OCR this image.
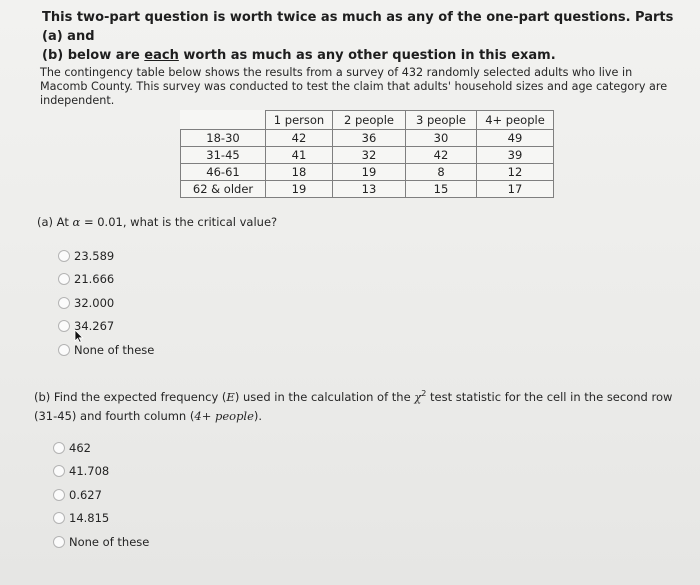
This two-part question is worth twice as much as any of the one-part questions. Parts (a) and
(b) below are each worth as much as any other question in this exam.
The contingency table below shows the results from a survey of 432 randomly selected adults who live in Macomb County. This survey was conducted to test the claim that adults' household sizes and age category are independent.
	1 person	2 people	3 people	4+ people
18-30	42	36	30	49
31-45	41	32	42	39
46-61	18	19	8	12
62 & older	19	13	15	17
(a) At α = 0.01, what is the critical value?
23.589
21.666
32.000
34.267
None of these
(b) Find the expected frequency (E) used in the calculation of the $\chi^2$ test statistic for the cell in the second row (31-45) and fourth column (4+ people).
462
41.708
0.627
14.815
None of these
